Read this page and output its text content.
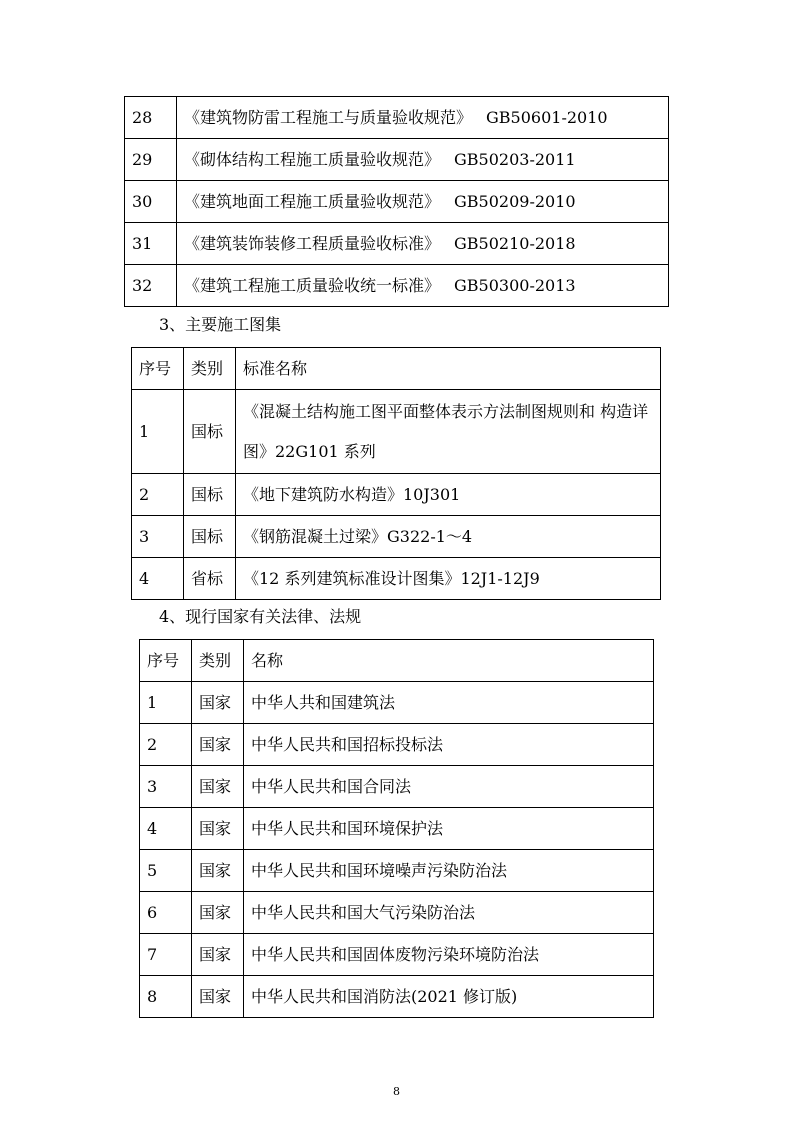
28	《建筑物防雷工程施工与质量验收规范》 GB50601-2010
29	《砌体结构工程施工质量验收规范》 GB50203-2011
30	《建筑地面工程施工质量验收规范》 GB50209-2010
31	《建筑装饰装修工程质量验收标准》 GB50210-2018
32	《建筑工程施工质量验收统一标准》 GB50300-2013
3、主要施工图集
序号	类别	标准名称
1	国标	《混凝土结构施工图平面整体表示方法制图规则和 构造详图》22G101 系列
2	国标	《地下建筑防水构造》10J301
3	国标	《钢筋混凝土过梁》G322-1～4
4	省标	《12 系列建筑标准设计图集》12J1-12J9
4、现行国家有关法律、法规
序号	类别	名称
1	国家	中华人共和国建筑法
2	国家	中华人民共和国招标投标法
3	国家	中华人民共和国合同法
4	国家	中华人民共和国环境保护法
5	国家	中华人民共和国环境噪声污染防治法
6	国家	中华人民共和国大气污染防治法
7	国家	中华人民共和国固体废物污染环境防治法
8	国家	中华人民共和国消防法(2021 修订版)
8
